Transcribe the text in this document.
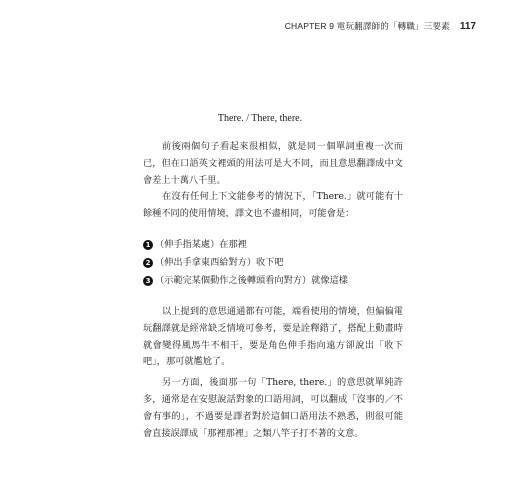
CHAPTER 9 電玩翻譯師的「轉職」三要素 117
There. / There, there.

前後兩個句子看起來很相似，就是同一個單詞重複一次而已，但在口語英文裡頭的用法可是大不同，而且意思翻譯成中文會差上十萬八千里。

在沒有任何上下文能參考的情況下，「There.」就可能有十餘種不同的使用情境，譯文也不盡相同，可能會是：

1 （伸手指某處）在那裡
2 （伸出手拿東西給對方）收下吧
3 （示範完某個動作之後轉頭看向對方）就像這樣

以上提到的意思通通都有可能，端看使用的情境，但偏偏電玩翻譯就是經常缺乏情境可參考，要是詮釋錯了，搭配上動畫時就會變得風馬牛不相干，要是角色伸手指向遠方卻說出「收下吧」，那可就尷尬了。

另一方面，後面那一句「There, there.」的意思就單純許多，通常是在安慰說話對象的口語用詞，可以翻成「沒事的／不會有事的」，不過要是譯者對於這個口語用法不熟悉，則很可能會直接誤譯成「那裡那裡」之類八竿子打不著的文意。
